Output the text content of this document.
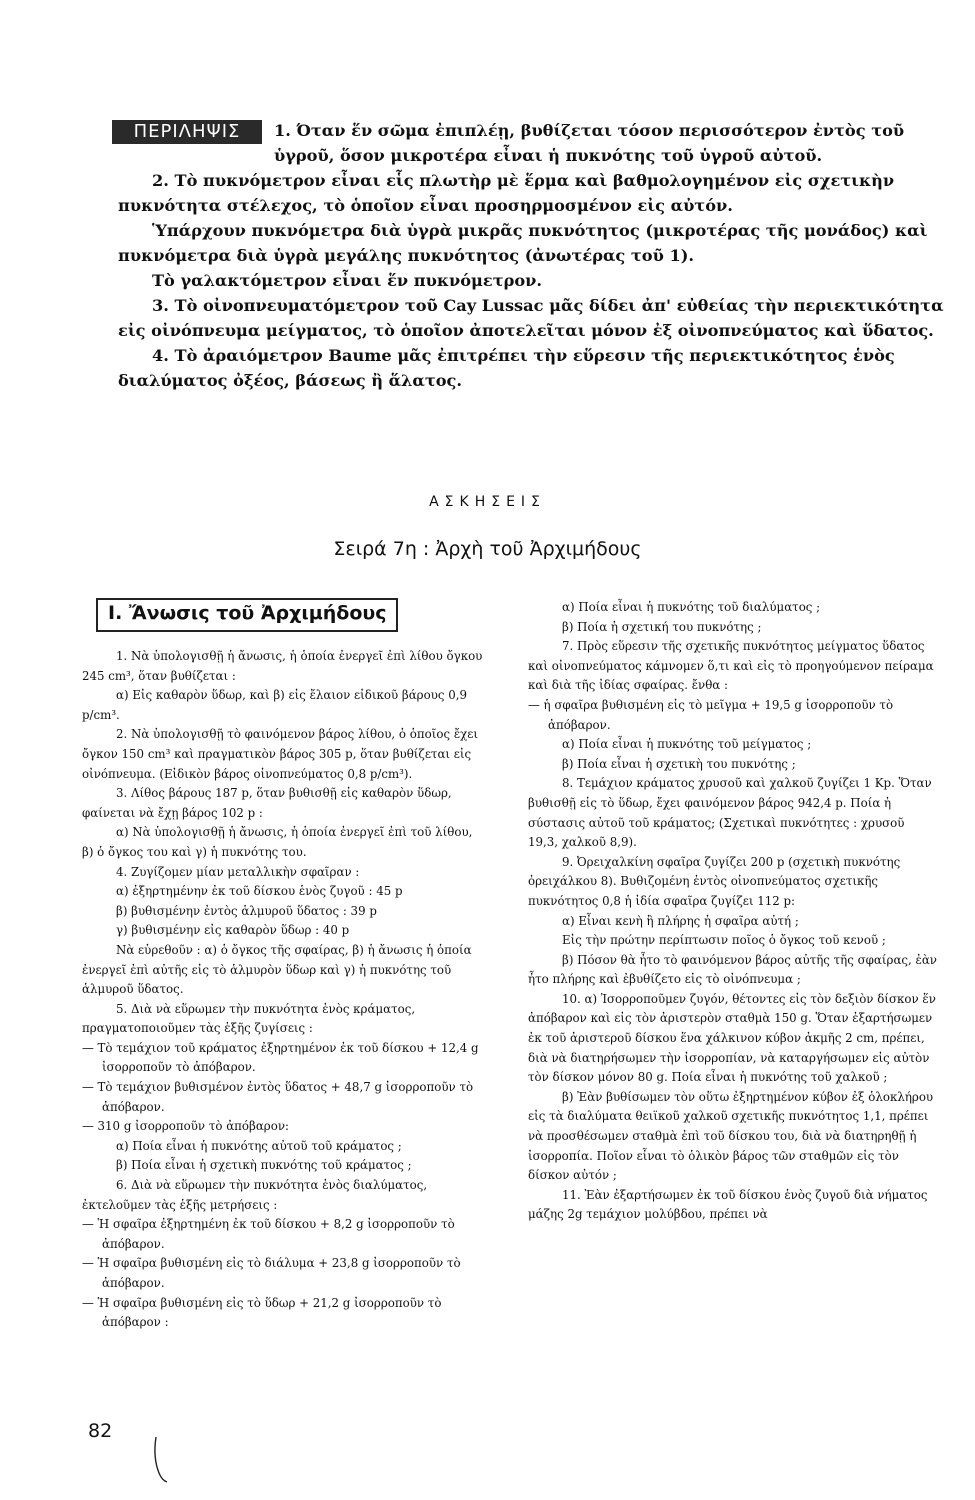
ΠΕΡΙΛΗΨΙΣ	1. Όταν ἕν σῶμα ἐπιπλέῃ, βυθίζεται τόσον περισσότερον ἐντὸς τοῦ ὑγροῦ, ὅσον μικροτέρα εἶναι ἡ πυκνότης τοῦ ὑγροῦ αὐτοῦ.

2. Τὸ πυκνόμετρον εἶναι εἷς πλωτὴρ μὲ ἕρμα καὶ βαθμολογημένον εἰς σχετικὴν πυκνότητα στέλεχος, τὸ ὁποῖον εἶναι προσηρμοσμένον εἰς αὐτόν.

Ὑπάρχουν πυκνόμετρα διὰ ὑγρὰ μικρᾶς πυκνότητος (μικροτέρας τῆς μονάδος) καὶ πυκνόμετρα διὰ ὑγρὰ μεγάλης πυκνότητος (ἀνωτέρας τοῦ 1).

Τὸ γαλακτόμετρον εἶναι ἕν πυκνόμετρον.

3. Τὸ οἰνοπνευματόμετρον τοῦ Cay Lussac μᾶς δίδει ἀπ' εὐθείας τὴν περιεκτικότητα εἰς οἰνόπνευμα μείγματος, τὸ ὁποῖον ἀποτελεῖται μόνον ἐξ οἰνοπνεύματος καὶ ὕδατος.

4. Τὸ ἀραιόμετρον Baume μᾶς ἐπιτρέπει τὴν εὕρεσιν τῆς περιεκτικότητος ἑνὸς διαλύματος ὀξέος, βάσεως ἢ ἅλατος.

ΑΣΚΗΣΕΙΣ
Σειρά 7η : Ἀρχὴ τοῦ Ἀρχιμήδους
I. Ἄνωσις τοῦ Ἀρχιμήδους

1. Νὰ ὑπολογισθῇ ἡ ἄνωσις, ἡ ὁποία ἐνεργεῖ ἐπὶ λίθου ὄγκου 245 cm³, ὅταν βυθίζεται :

α) Εἰς καθαρὸν ὕδωρ, καὶ β) εἰς ἔλαιον εἰδικοῦ βάρους 0,9 p/cm³.

2. Νὰ ὑπολογισθῇ τὸ φαινόμενον βάρος λίθου, ὁ ὁποῖος ἔχει ὄγκον 150 cm³ καὶ πραγματικὸν βάρος 305 p, ὅταν βυθίζεται εἰς οἰνόπνευμα. (Εἰδικὸν βάρος οἰνοπνεύματος 0,8 p/cm³).

3. Λίθος βάρους 187 p, ὅταν βυθισθῇ εἰς καθαρὸν ὕδωρ, φαίνεται νὰ ἔχῃ βάρος 102 p :

α) Νὰ ὑπολογισθῇ ἡ ἄνωσις, ἡ ὁποία ἐνεργεῖ ἐπὶ τοῦ λίθου, β) ὁ ὄγκος του καὶ γ) ἡ πυκνότης του.

4. Ζυγίζομεν μίαν μεταλλικὴν σφαῖραν :

α) ἐξηρτημένην ἐκ τοῦ δίσκου ἑνὸς ζυγοῦ : 45 p

β) βυθισμένην ἐντὸς ἁλμυροῦ ὕδατος : 39 p

γ) βυθισμένην εἰς καθαρὸν ὕδωρ : 40 p

Νὰ εὑρεθοῦν : α) ὁ ὄγκος τῆς σφαίρας, β) ἡ ἄνωσις ἡ ὁποία ἐνεργεῖ ἐπὶ αὐτῆς εἰς τὸ ἁλμυρὸν ὕδωρ καὶ γ) ἡ πυκνότης τοῦ ἁλμυροῦ ὕδατος.

5. Διὰ νὰ εὕρωμεν τὴν πυκνότητα ἑνὸς κράματος, πραγματοποιοῦμεν τὰς ἑξῆς ζυγίσεις :

— Τὸ τεμάχιον τοῦ κράματος ἐξηρτημένον ἐκ τοῦ δίσκου + 12,4 g ἰσορροποῦν τὸ ἀπόβαρον.

— Τὸ τεμάχιον βυθισμένον ἐντὸς ὕδατος + 48,7 g ἰσορροποῦν τὸ ἀπόβαρον.

— 310 g ἰσορροποῦν τὸ ἀπόβαρον:

α) Ποία εἶναι ἡ πυκνότης αὐτοῦ τοῦ κράματος ;

β) Ποία εἶναι ἡ σχετικὴ πυκνότης τοῦ κράματος ;

6. Διὰ νὰ εὕρωμεν τὴν πυκνότητα ἑνὸς διαλύματος, ἐκτελοῦμεν τὰς ἑξῆς μετρήσεις :

— Ἡ σφαῖρα ἐξηρτημένη ἐκ τοῦ δίσκου + 8,2 g ἰσορροποῦν τὸ ἀπόβαρον.

— Ἡ σφαῖρα βυθισμένη εἰς τὸ διάλυμα + 23,8 g ἰσορροποῦν τὸ ἀπόβαρον.

— Ἡ σφαῖρα βυθισμένη εἰς τὸ ὕδωρ + 21,2 g ἰσορροποῦν τὸ ἀπόβαρον :

α) Ποία εἶναι ἡ πυκνότης τοῦ διαλύματος ;

β) Ποία ἡ σχετική του πυκνότης ;

7. Πρὸς εὕρεσιν τῆς σχετικῆς πυκνότητος μείγματος ὕδατος καὶ οἰνοπνεύματος κάμνομεν ὅ,τι καὶ εἰς τὸ προηγούμενον πείραμα καὶ διὰ τῆς ἰδίας σφαίρας. ἔνθα :

— ἡ σφαῖρα βυθισμένη εἰς τὸ μεῖγμα + 19,5 g ἰσορροποῦν τὸ ἀπόβαρον.

α) Ποία εἶναι ἡ πυκνότης τοῦ μείγματος ;

β) Ποία εἶναι ἡ σχετικὴ του πυκνότης ;

8. Τεμάχιον κράματος χρυσοῦ καὶ χαλκοῦ ζυγίζει 1 Kp. Ὅταν βυθισθῇ εἰς τὸ ὕδωρ, ἔχει φαινόμενον βάρος 942,4 p. Ποία ἡ σύστασις αὐτοῦ τοῦ κράματος; (Σχετικαὶ πυκνότητες : χρυσοῦ 19,3, χαλκοῦ 8,9).

9. Ὀρειχαλκίνη σφαῖρα ζυγίζει 200 p (σχετικὴ πυκνότης ὀρειχάλκου 8). Βυθιζομένη ἐντὸς οἰνοπνεύματος σχετικῆς πυκνότητος 0,8 ἡ ἰδία σφαῖρα ζυγίζει 112 p:

α) Εἶναι κενὴ ἢ πλήρης ἡ σφαῖρα αὐτή ;

Εἰς τὴν πρώτην περίπτωσιν ποῖος ὁ ὄγκος τοῦ κενοῦ ;

β) Πόσον θὰ ἦτο τὸ φαινόμενον βάρος αὐτῆς τῆς σφαίρας, ἐὰν ἦτο πλήρης καὶ ἐβυθίζετο εἰς τὸ οἰνόπνευμα ;

10. α) Ἰσορροποῦμεν ζυγόν, θέτοντες εἰς τὸν δεξιὸν δίσκον ἕν ἀπόβαρον καὶ εἰς τὸν ἀριστερὸν σταθμὰ 150 g. Ὅταν ἐξαρτήσωμεν ἐκ τοῦ ἀριστεροῦ δίσκου ἕνα χάλκινον κύβον ἀκμῆς 2 cm, πρέπει, διὰ νὰ διατηρήσωμεν τὴν ἰσορροπίαν, νὰ καταργήσωμεν εἰς αὐτὸν τὸν δίσκον μόνον 80 g. Ποία εἶναι ἡ πυκνότης τοῦ χαλκοῦ ;

β) Ἐὰν βυθίσωμεν τὸν οὕτω ἐξηρτημένον κύβον ἐξ ὁλοκλήρου εἰς τὰ διαλύματα θειϊκοῦ χαλκοῦ σχετικῆς πυκνότητος 1,1, πρέπει νὰ προσθέσωμεν σταθμὰ ἐπὶ τοῦ δίσκου του, διὰ νὰ διατηρηθῇ ἡ ἰσορροπία. Ποῖον εἶναι τὸ ὁλικὸν βάρος τῶν σταθμῶν εἰς τὸν δίσκον αὐτόν ;

11. Ἐὰν ἐξαρτήσωμεν ἐκ τοῦ δίσκου ἑνὸς ζυγοῦ διὰ νήματος μάζης 2g τεμάχιον μολύβδου, πρέπει νὰ

82
